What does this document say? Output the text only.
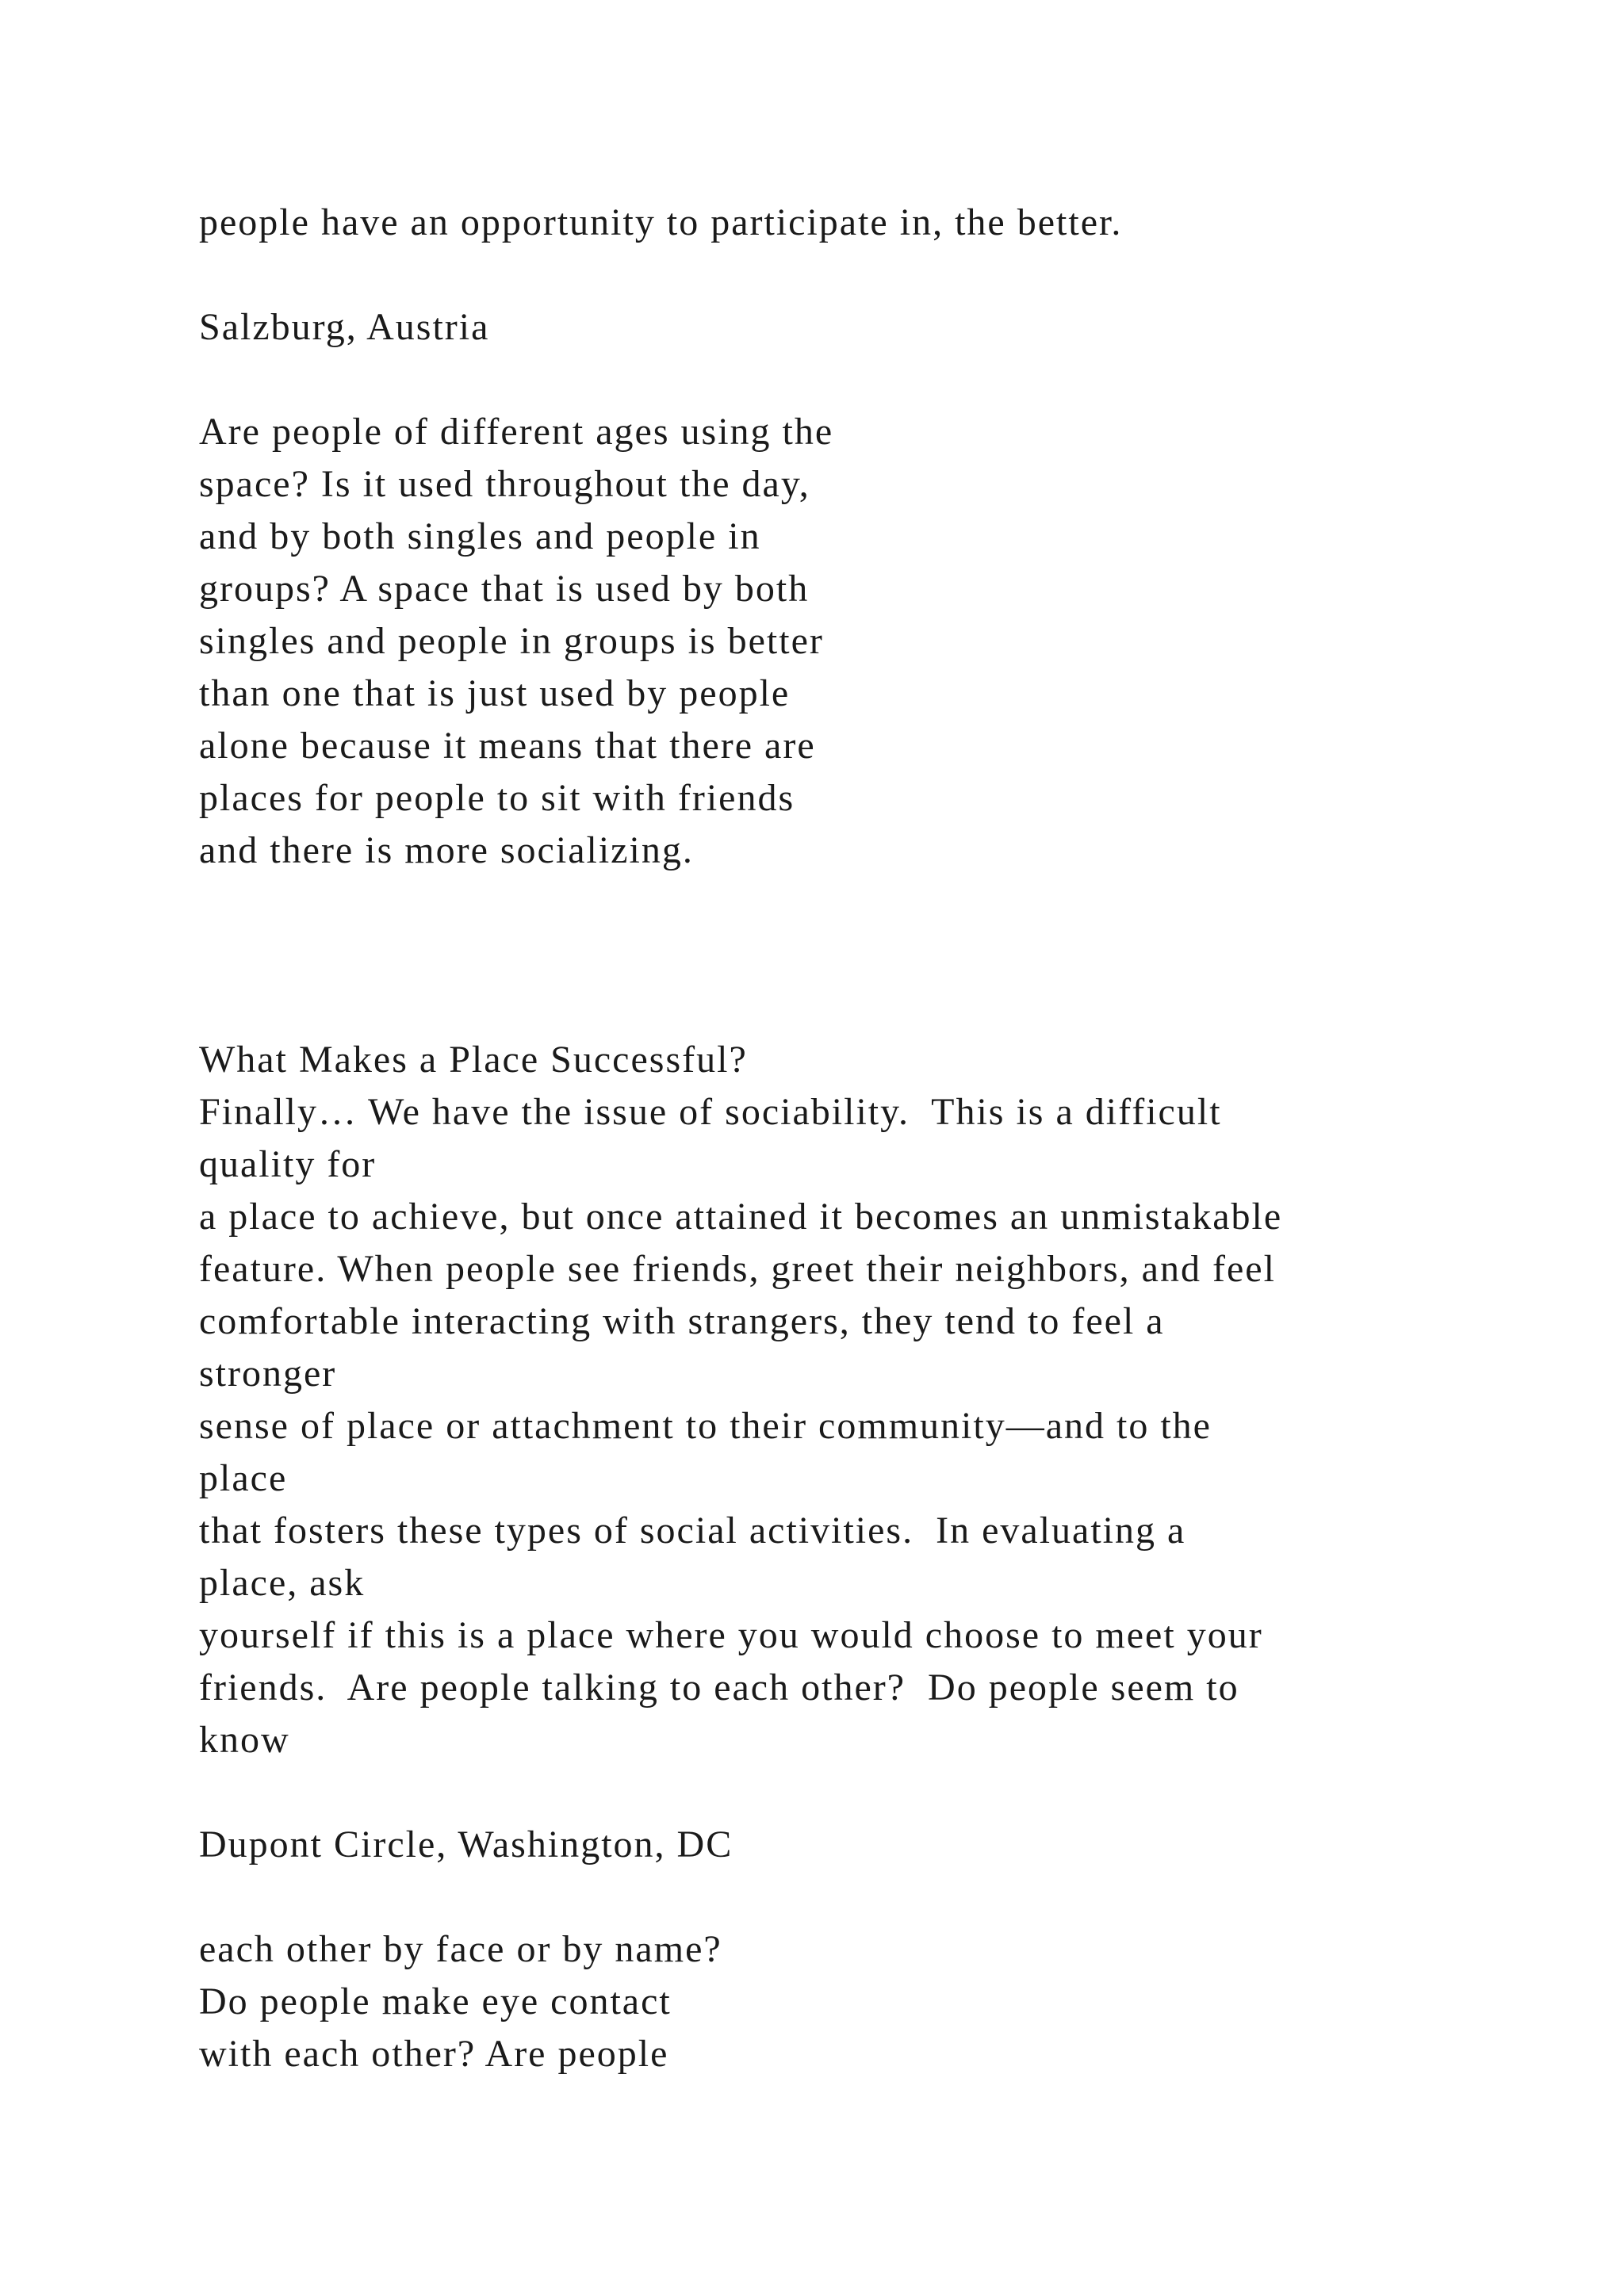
people have an opportunity to participate in, the better.
Salzburg, Austria
Are people of different ages using the
space? Is it used throughout the day,
and by both singles and people in
groups? A space that is used by both
singles and people in groups is better
than one that is just used by people
alone because it means that there are
places for people to sit with friends
and there is more socializing.
What Makes a Place Successful?
Finally… We have the issue of sociability.  This is a difficult
quality for
a place to achieve, but once attained it becomes an unmistakable
feature. When people see friends, greet their neighbors, and feel
comfortable interacting with strangers, they tend to feel a
stronger
sense of place or attachment to their community—and to the
place
that fosters these types of social activities.  In evaluating a
place, ask
yourself if this is a place where you would choose to meet your
friends.  Are people talking to each other?  Do people seem to
know
Dupont Circle, Washington, DC
each other by face or by name?
Do people make eye contact
with each other? Are people
